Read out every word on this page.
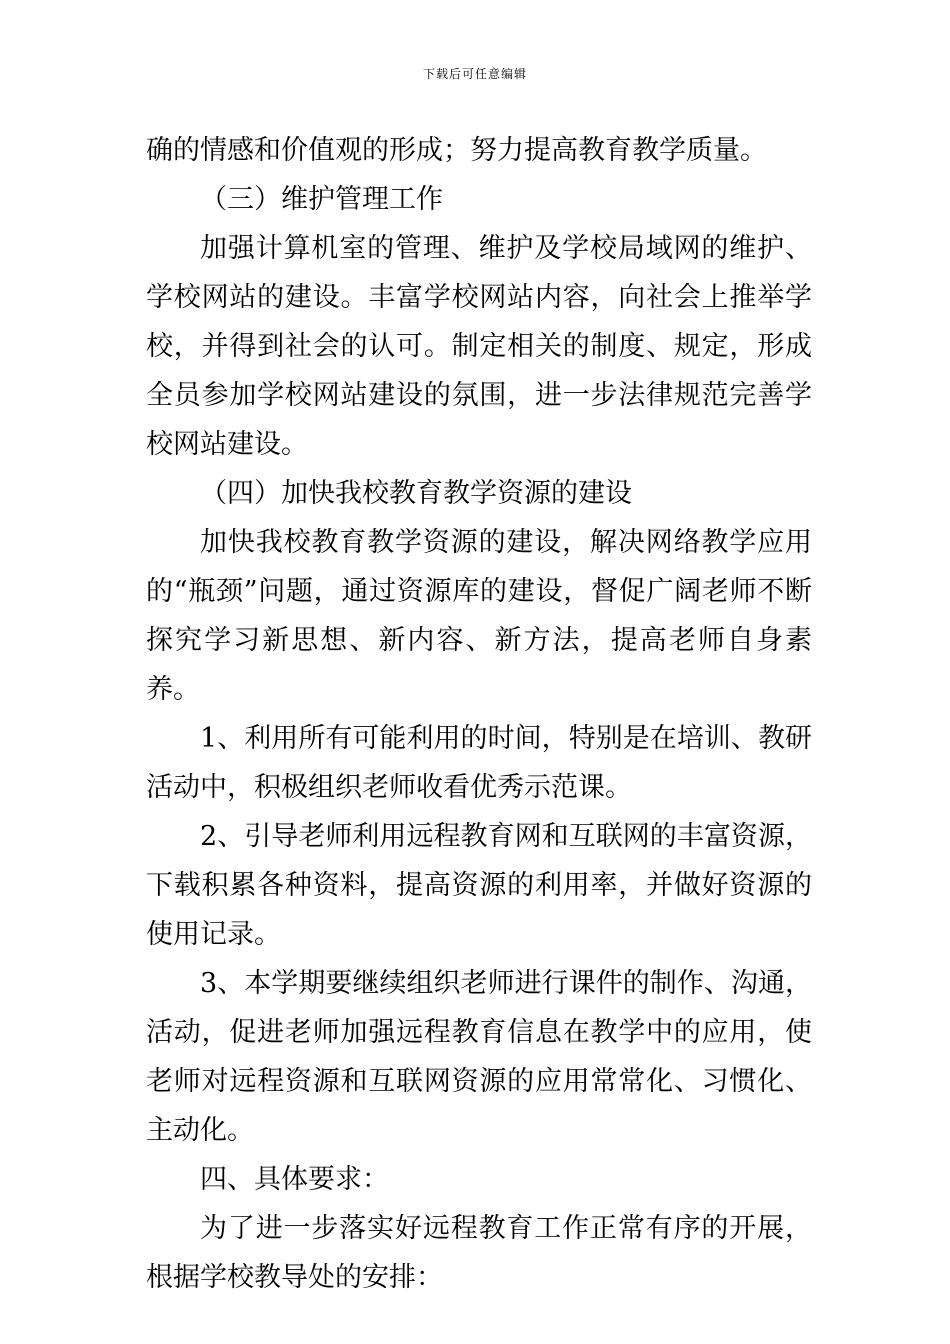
下载后可任意编辑

确的情感和价值观的形成；努力提高教育教学质量。

（三）维护管理工作

加强计算机室的管理、维护及学校局域网的维护、学校网站的建设。丰富学校网站内容，向社会上推举学校，并得到社会的认可。制定相关的制度、规定，形成全员参加学校网站建设的氛围，进一步法律规范完善学校网站建设。

（四）加快我校教育教学资源的建设

加快我校教育教学资源的建设，解决网络教学应用的“瓶颈”问题，通过资源库的建设，督促广阔老师不断探究学习新思想、新内容、新方法，提高老师自身素养。

1、利用所有可能利用的时间，特别是在培训、教研活动中，积极组织老师收看优秀示范课。

2、引导老师利用远程教育网和互联网的丰富资源，下载积累各种资料，提高资源的利用率，并做好资源的使用记录。

3、本学期要继续组织老师进行课件的制作、沟通，活动，促进老师加强远程教育信息在教学中的应用，使老师对远程资源和互联网资源的应用常常化、习惯化、主动化。

四、具体要求：

为了进一步落实好远程教育工作正常有序的开展，根据学校教导处的安排：
